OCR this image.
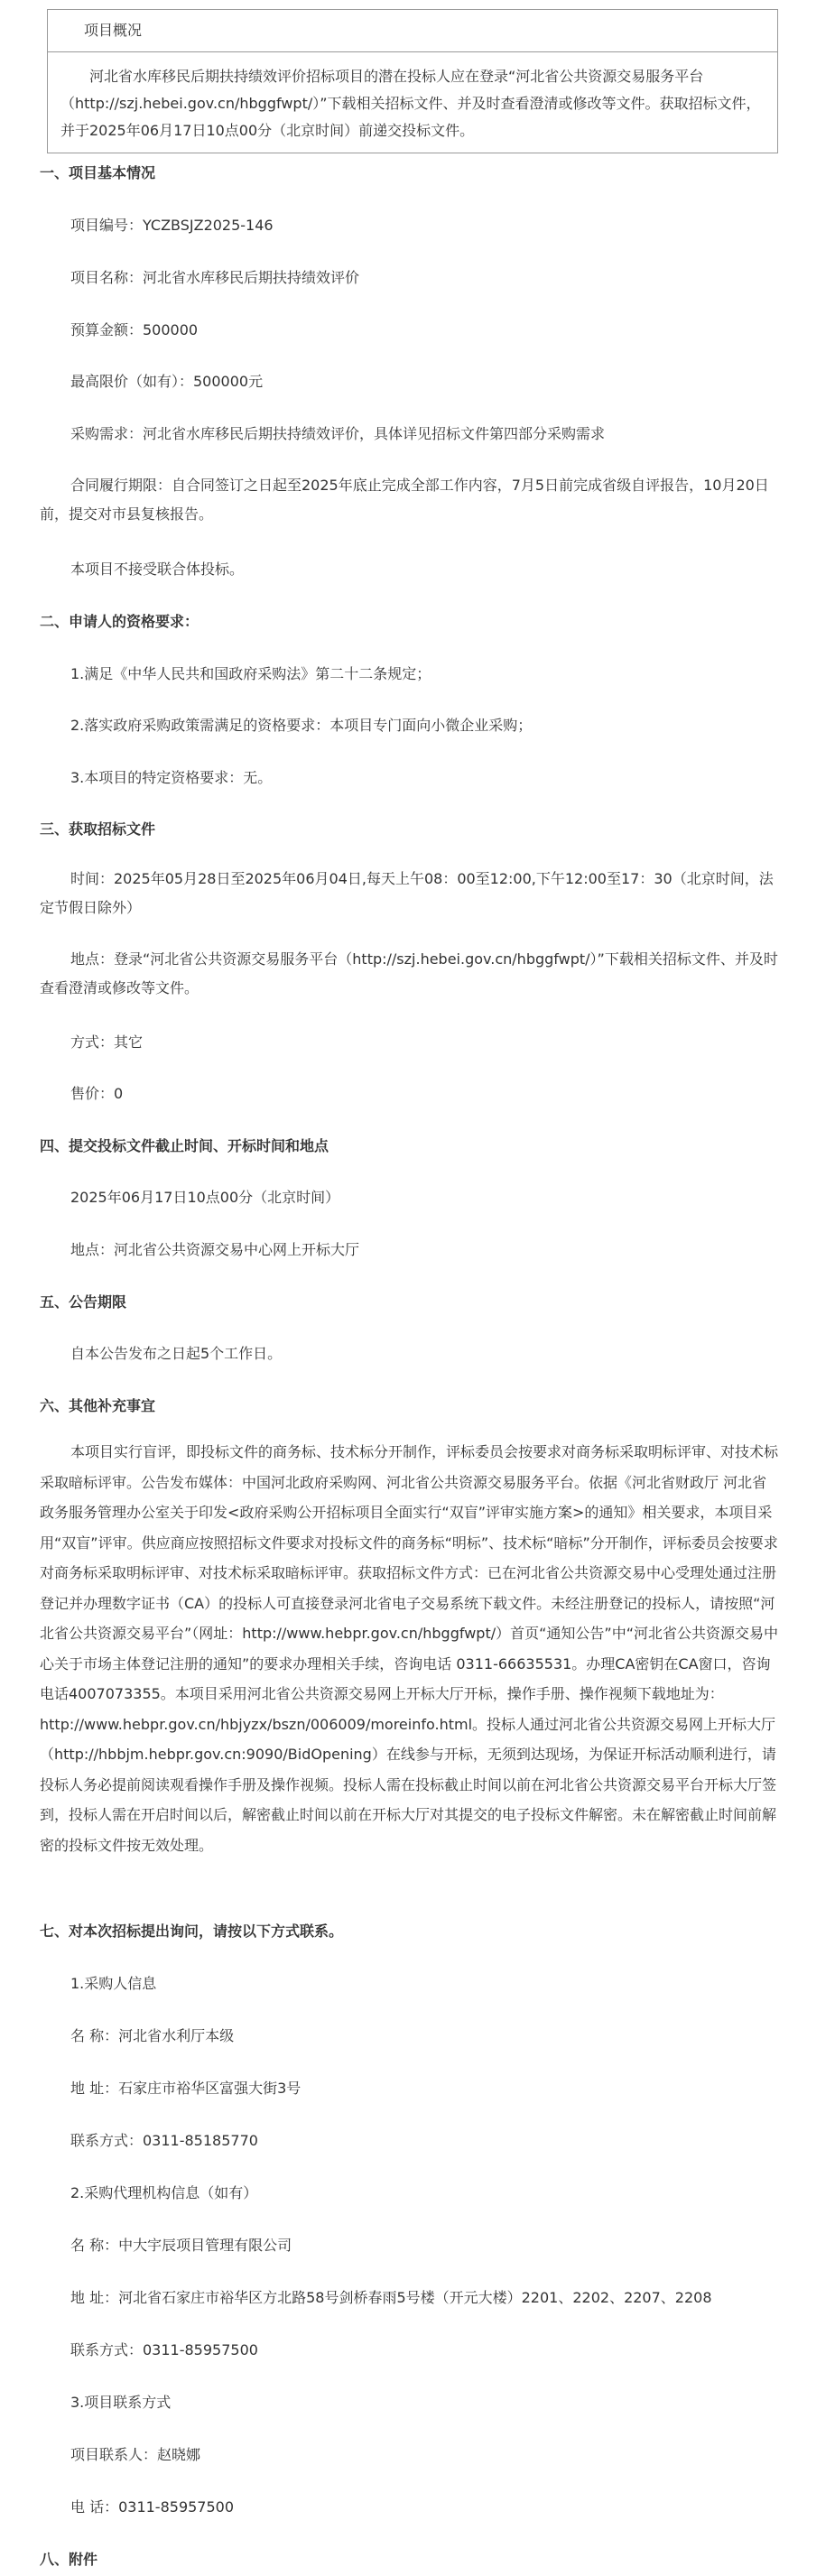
项目概况

河北省水库移民后期扶持绩效评价招标项目的潜在投标人应在登录“河北省公共资源交易服务平台（http://szj.hebei.gov.cn/hbggfwpt/）”下载相关招标文件、并及时查看澄清或修改等文件。获取招标文件，并于2025年06月17日10点00分（北京时间）前递交投标文件。

一、项目基本情况
项目编号：YCZBSJZ2025-146
项目名称：河北省水库移民后期扶持绩效评价
预算金额：500000
最高限价（如有）：500000元
采购需求：河北省水库移民后期扶持绩效评价，具体详见招标文件第四部分采购需求

合同履行期限：自合同签订之日起至2025年底止完成全部工作内容，7月5日前完成省级自评报告，10月20日前，提交对市县复核报告。

本项目不接受联合体投标。
二、申请人的资格要求：
1.满足《中华人民共和国政府采购法》第二十二条规定；
2.落实政府采购政策需满足的资格要求：本项目专门面向小微企业采购；
3.本项目的特定资格要求：无。
三、获取招标文件

时间：2025年05月28日至2025年06月04日,每天上午08：00至12:00,下午12:00至17：30（北京时间，法定节假日除外）

地点：登录“河北省公共资源交易服务平台（http://szj.hebei.gov.cn/hbggfwpt/）”下载相关招标文件、并及时查看澄清或修改等文件。

方式：其它
售价：0
四、提交投标文件截止时间、开标时间和地点
2025年06月17日10点00分（北京时间）
地点：河北省公共资源交易中心网上开标大厅
五、公告期限
自本公告发布之日起5个工作日。
六、其他补充事宜

本项目实行盲评，即投标文件的商务标、技术标分开制作，评标委员会按要求对商务标采取明标评审、对技术标采取暗标评审。公告发布媒体：中国河北政府采购网、河北省公共资源交易服务平台。依据《河北省财政厅 河北省政务服务管理办公室关于印发<政府采购公开招标项目全面实行“双盲”评审实施方案>的通知》相关要求，本项目采用“双盲”评审。供应商应按照招标文件要求对投标文件的商务标“明标”、技术标“暗标”分开制作，评标委员会按要求对商务标采取明标评审、对技术标采取暗标评审。获取招标文件方式：已在河北省公共资源交易中心受理处通过注册登记并办理数字证书（CA）的投标人可直接登录河北省电子交易系统下载文件。未经注册登记的投标人，请按照“河北省公共资源交易平台”（网址：http://www.hebpr.gov.cn/hbggfwpt/）首页“通知公告”中“河北省公共资源交易中心关于市场主体登记注册的通知”的要求办理相关手续，咨询电话 0311-66635531。办理CA密钥在CA窗口，咨询电话4007073355。本项目采用河北省公共资源交易网上开标大厅开标，操作手册、操作视频下载地址为：http://www.hebpr.gov.cn/hbjyzx/bszn/006009/moreinfo.html。投标人通过河北省公共资源交易网上开标大厅（http://hbbjm.hebpr.gov.cn:9090/BidOpening）在线参与开标，无须到达现场，为保证开标活动顺利进行，请投标人务必提前阅读观看操作手册及操作视频。投标人需在投标截止时间以前在河北省公共资源交易平台开标大厅签到，投标人需在开启时间以后，解密截止时间以前在开标大厅对其提交的电子投标文件解密。未在解密截止时间前解密的投标文件按无效处理。

七、对本次招标提出询问，请按以下方式联系。
1.采购人信息
名 称：河北省水利厅本级
地 址：石家庄市裕华区富强大街3号
联系方式：0311-85185770
2.采购代理机构信息（如有）
名 称：中大宇辰项目管理有限公司
地 址：河北省石家庄市裕华区方北路58号剑桥春雨5号楼（开元大楼）2201、2202、2207、2208
联系方式：0311-85957500
3.项目联系方式
项目联系人：赵晓娜
电 话：0311-85957500
八、附件
